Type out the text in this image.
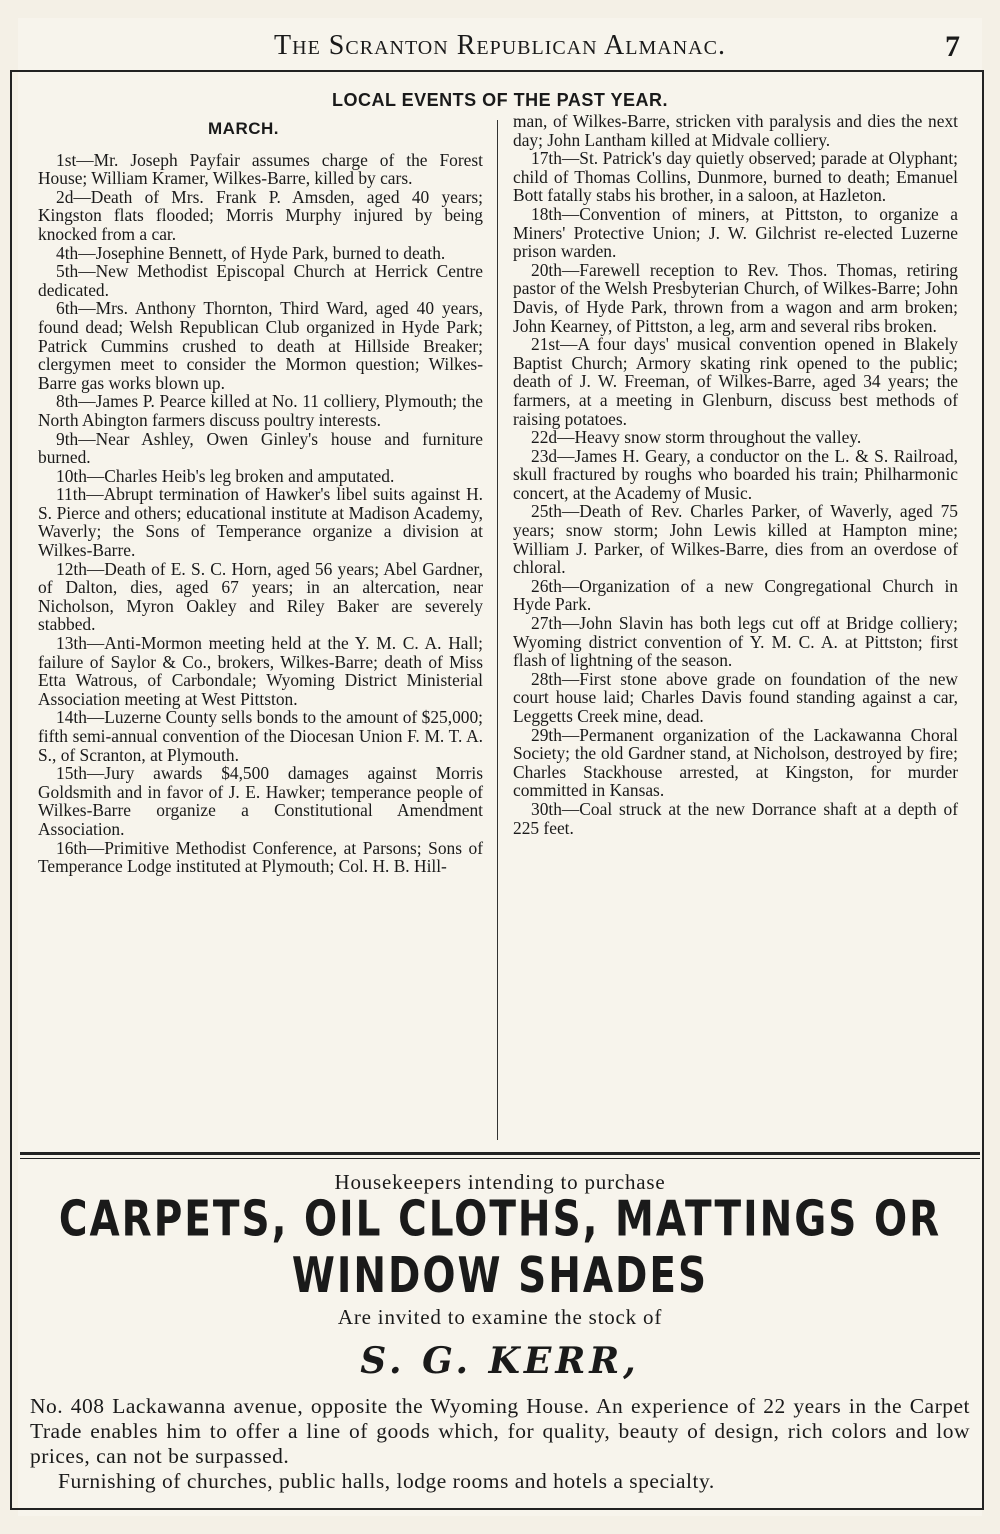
The Scranton Republican Almanac.	7
LOCAL EVENTS OF THE PAST YEAR.
MARCH.

1st—Mr. Joseph Payfair assumes charge of the Forest House; William Kramer, Wilkes-Barre, killed by cars.

2d—Death of Mrs. Frank P. Amsden, aged 40 years; Kingston flats flooded; Morris Murphy injured by being knocked from a car.

4th—Josephine Bennett, of Hyde Park, burned to death.

5th—New Methodist Episcopal Church at Herrick Centre dedicated.

6th—Mrs. Anthony Thornton, Third Ward, aged 40 years, found dead; Welsh Republican Club organized in Hyde Park; Patrick Cummins crushed to death at Hillside Breaker; clergymen meet to consider the Mormon question; Wilkes-Barre gas works blown up.

8th—James P. Pearce killed at No. 11 colliery, Plymouth; the North Abington farmers discuss poultry interests.

9th—Near Ashley, Owen Ginley's house and furniture burned.

10th—Charles Heib's leg broken and amputated.

11th—Abrupt termination of Hawker's libel suits against H. S. Pierce and others; educational institute at Madison Academy, Waverly; the Sons of Temperance organize a division at Wilkes-Barre.

12th—Death of E. S. C. Horn, aged 56 years; Abel Gardner, of Dalton, dies, aged 67 years; in an altercation, near Nicholson, Myron Oakley and Riley Baker are severely stabbed.

13th—Anti-Mormon meeting held at the Y. M. C. A. Hall; failure of Saylor & Co., brokers, Wilkes-Barre; death of Miss Etta Watrous, of Carbondale; Wyoming District Ministerial Association meeting at West Pittston.

14th—Luzerne County sells bonds to the amount of $25,000; fifth semi-annual convention of the Diocesan Union F. M. T. A. S., of Scranton, at Plymouth.

15th—Jury awards $4,500 damages against Morris Goldsmith and in favor of J. E. Hawker; temperance people of Wilkes-Barre organize a Constitutional Amendment Association.

16th—Primitive Methodist Conference, at Parsons; Sons of Temperance Lodge instituted at Plymouth; Col. H. B. Hill-

man, of Wilkes-Barre, stricken vith paralysis and dies the next day; John Lantham killed at Midvale colliery.

17th—St. Patrick's day quietly observed; parade at Olyphant; child of Thomas Collins, Dunmore, burned to death; Emanuel Bott fatally stabs his brother, in a saloon, at Hazleton.

18th—Convention of miners, at Pittston, to organize a Miners' Protective Union; J. W. Gilchrist re-elected Luzerne prison warden.

20th—Farewell reception to Rev. Thos. Thomas, retiring pastor of the Welsh Presbyterian Church, of Wilkes-Barre; John Davis, of Hyde Park, thrown from a wagon and arm broken; John Kearney, of Pittston, a leg, arm and several ribs broken.

21st—A four days' musical convention opened in Blakely Baptist Church; Armory skating rink opened to the public; death of J. W. Freeman, of Wilkes-Barre, aged 34 years; the farmers, at a meeting in Glenburn, discuss best methods of raising potatoes.

22d—Heavy snow storm throughout the valley.

23d—James H. Geary, a conductor on the L. & S. Railroad, skull fractured by roughs who boarded his train; Philharmonic concert, at the Academy of Music.

25th—Death of Rev. Charles Parker, of Waverly, aged 75 years; snow storm; John Lewis killed at Hampton mine; William J. Parker, of Wilkes-Barre, dies from an overdose of chloral.

26th—Organization of a new Congregational Church in Hyde Park.

27th—John Slavin has both legs cut off at Bridge colliery; Wyoming district convention of Y. M. C. A. at Pittston; first flash of lightning of the season.

28th—First stone above grade on foundation of the new court house laid; Charles Davis found standing against a car, Leggetts Creek mine, dead.

29th—Permanent organization of the Lackawanna Choral Society; the old Gardner stand, at Nicholson, destroyed by fire; Charles Stackhouse arrested, at Kingston, for murder committed in Kansas.

30th—Coal struck at the new Dorrance shaft at a depth of 225 feet.

Housekeepers intending to purchase
CARPETS, OIL CLOTHS, MATTINGS OR WINDOW SHADES
Are invited to examine the stock of
S. G. KERR,
No. 408 Lackawanna avenue, opposite the Wyoming House. An experience of 22 years in the Carpet Trade enables him to offer a line of goods which, for quality, beauty of design, rich colors and low prices, can not be surpassed.
Furnishing of churches, public halls, lodge rooms and hotels a specialty.
